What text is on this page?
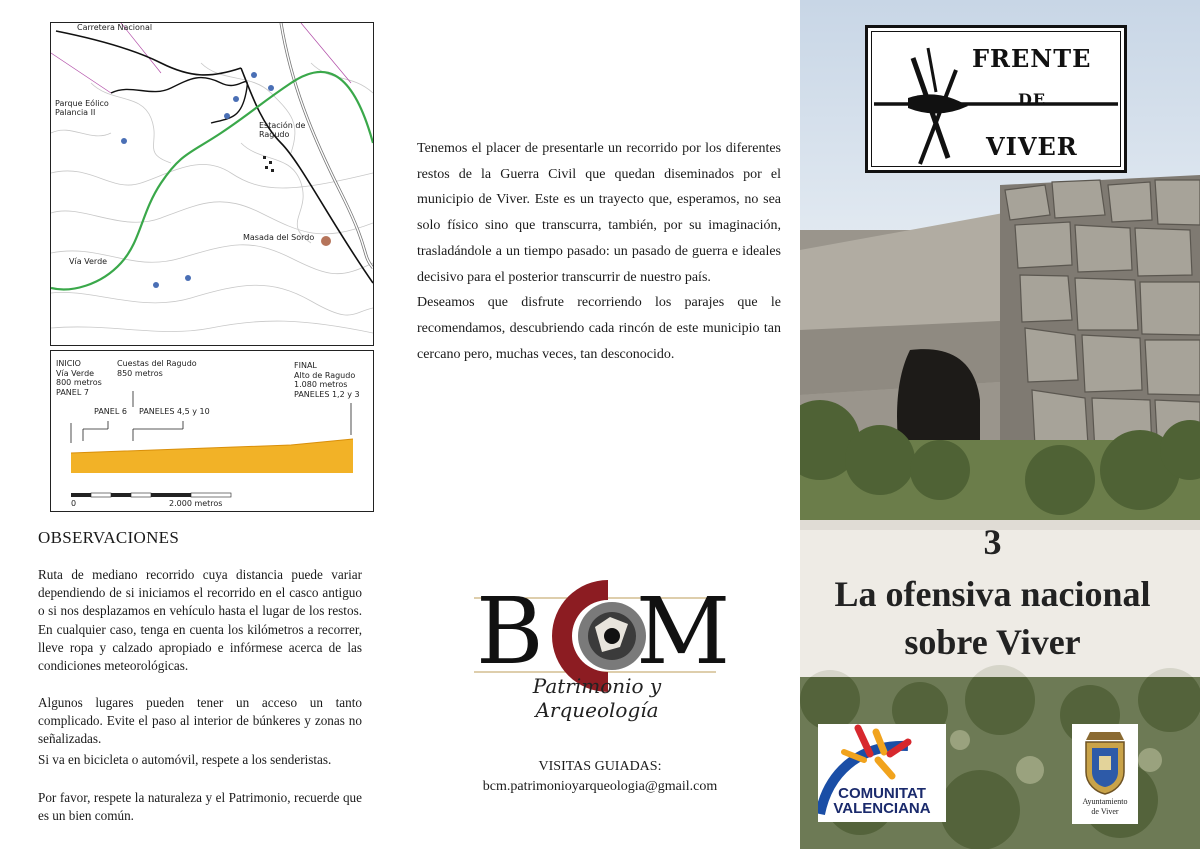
Carretera Nacional
Parque Eólico
Palancia II
Estación de
Ragudo
Masada del Sordo
Vía Verde
INICIO
Vía Verde
800 metros
PANEL 7
Cuestas del Ragudo
850 metros
FINAL
Alto de Ragudo
1.080 metros
PANELES 1,2 y 3
PANEL 6 PANELES 4,5 y 10
0	2.000 metros
OBSERVACIONES
Ruta de mediano recorrido cuya distancia puede variar dependiendo de si iniciamos el recorrido en el casco antiguo o si nos desplazamos en vehículo hasta el lugar de los restos. En cualquier caso, tenga en cuenta los kilómetros a recorrer, lleve ropa y calzado apropiado e infórmese acerca de las condiciones meteorológicas.
Algunos lugares pueden tener un acceso un tanto complicado. Evite el paso al interior de búnkeres y zonas no señalizadas.
Si va en bicicleta o automóvil, respete a los senderistas.
Por favor, respete la naturaleza y el Patrimonio, recuerde que es un bien común.

Tenemos el placer de presentarle un recorrido por los diferentes restos de la Guerra Civil que quedan diseminados por el municipio de Viver. Este es un trayecto que, esperamos, no sea solo físico sino que transcurra, también, por su imaginación, trasladándole a un tiempo pasado: un pasado de guerra e ideales decisivo para el posterior transcurrir de nuestro país.

Deseamos que disfrute recorriendo los parajes que le recomendamos, descubriendo cada rincón de este municipio tan cercano pero, muchas veces, tan desconocido.

B M
Patrimonio y Arqueología
VISITAS GUIADAS:
bcm.patrimonioyarqueologia@gmail.com
FRENTE
DE
VIVER
3
La ofensiva nacional sobre Viver
COMUNITAT
VALENCIANA	Ayuntamiento
de Viver
